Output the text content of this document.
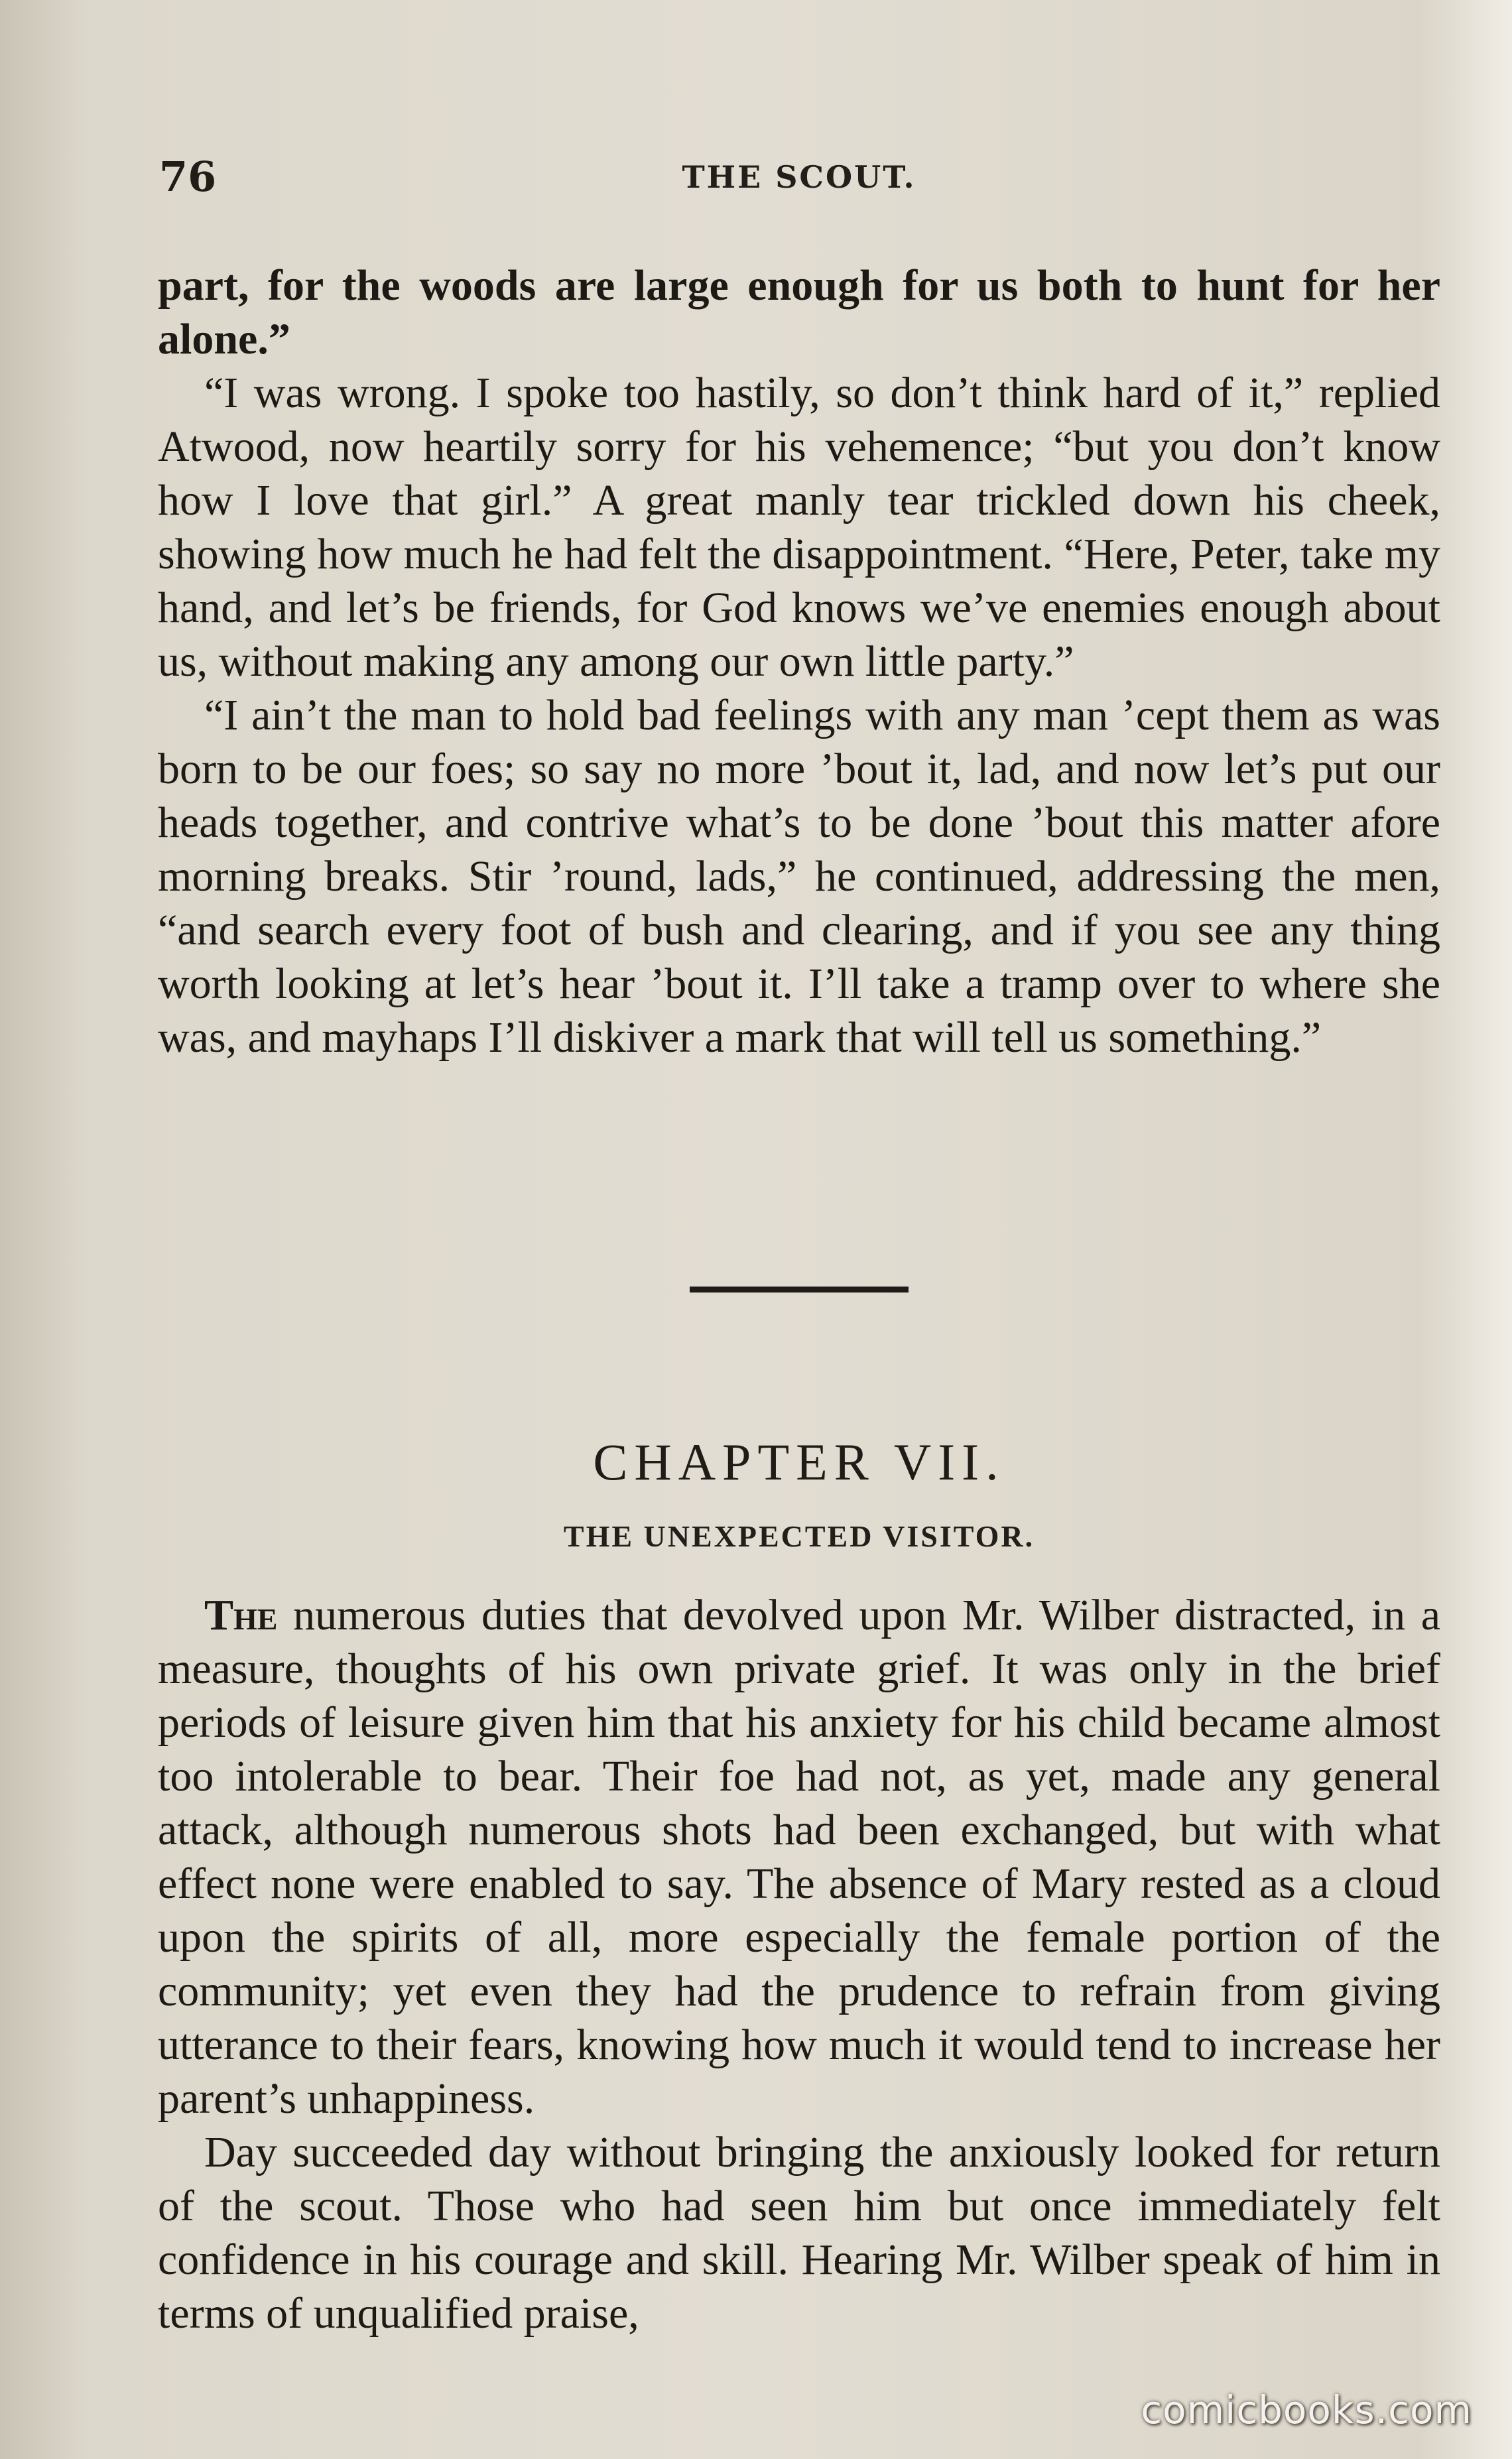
76	THE SCOUT.

part, for the woods are large enough for us both to hunt for her alone.”

“I was wrong. I spoke too hastily, so don’t think hard of it,” replied Atwood, now heartily sorry for his vehemence; “but you don’t know how I love that girl.” A great manly tear trickled down his cheek, showing how much he had felt the disappointment. “Here, Peter, take my hand, and let’s be friends, for God knows we’ve enemies enough about us, without making any among our own little party.”

“I ain’t the man to hold bad feelings with any man ’cept them as was born to be our foes; so say no more ’bout it, lad, and now let’s put our heads together, and contrive what’s to be done ’bout this matter afore morning breaks. Stir ’round, lads,” he continued, addressing the men, “and search every foot of bush and clearing, and if you see any thing worth looking at let’s hear ’bout it. I’ll take a tramp over to where she was, and mayhaps I’ll diskiver a mark that will tell us something.”

CHAPTER VII.
THE UNEXPECTED VISITOR.

The numerous duties that devolved upon Mr. Wilber distracted, in a measure, thoughts of his own private grief. It was only in the brief periods of leisure given him that his anxiety for his child became almost too intolerable to bear. Their foe had not, as yet, made any general attack, although numerous shots had been exchanged, but with what effect none were enabled to say. The absence of Mary rested as a cloud upon the spirits of all, more especially the female portion of the community; yet even they had the prudence to refrain from giving utterance to their fears, knowing how much it would tend to increase her parent’s unhappiness.

Day succeeded day without bringing the anxiously looked for return of the scout. Those who had seen him but once immediately felt confidence in his courage and skill. Hearing Mr. Wilber speak of him in terms of unqualified praise,

comicbooks.com
